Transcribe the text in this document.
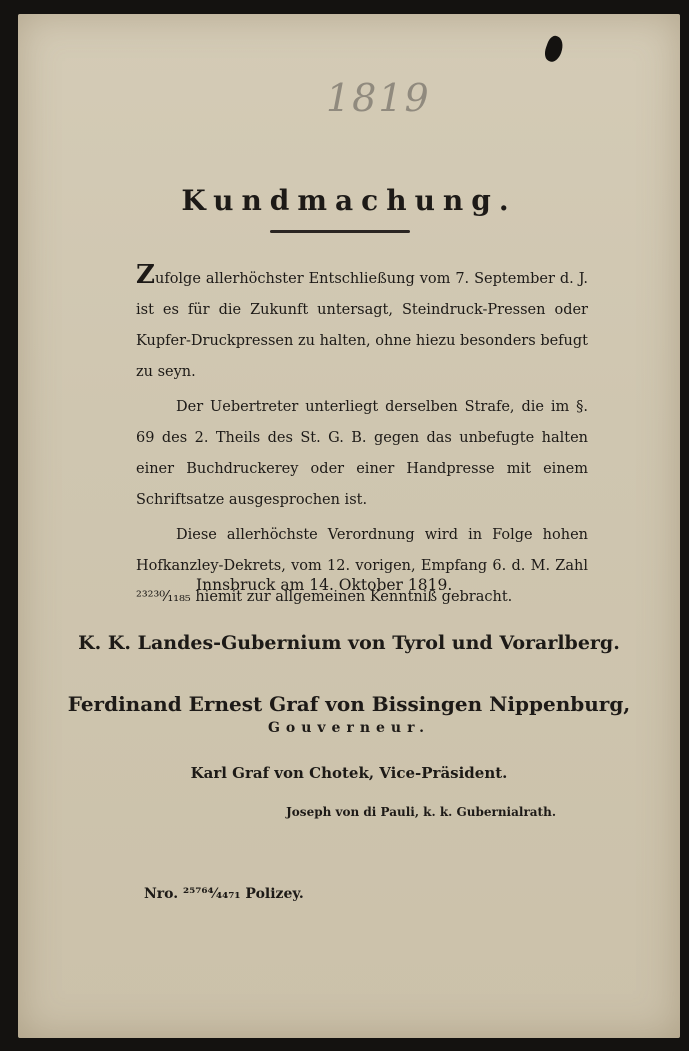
1819
Kundmachung.

Zufolge allerhöchster Entschließung vom 7. September d. J. ist es für die Zukunft untersagt, Steindruck-Pressen oder Kupfer-Druckpressen zu halten, ohne hiezu besonders befugt zu seyn.

Der Uebertreter unterliegt derselben Strafe, die im §. 69 des 2. Theils des St. G. B. gegen das unbefugte halten einer Buchdruckerey oder einer Handpresse mit einem Schriftsatze ausgesprochen ist.

Diese allerhöchste Verordnung wird in Folge hohen Hofkanzley-Dekrets, vom 12. vorigen, Empfang 6. d. M. Zahl ²³²³⁰⁄₁₁₈₅ hiemit zur allgemeinen Kenntniß gebracht.

Innsbruck am 14. Oktober 1819.
K. K. Landes-Gubernium von Tyrol und Vorarlberg.
Ferdinand Ernest Graf von Bissingen Nippenburg,
Gouverneur.
Karl Graf von Chotek, Vice-Präsident.
Joseph von di Pauli, k. k. Gubernialrath.
Nro. ²⁵⁷⁶⁴⁄₄₄₇₁ Polizey.
